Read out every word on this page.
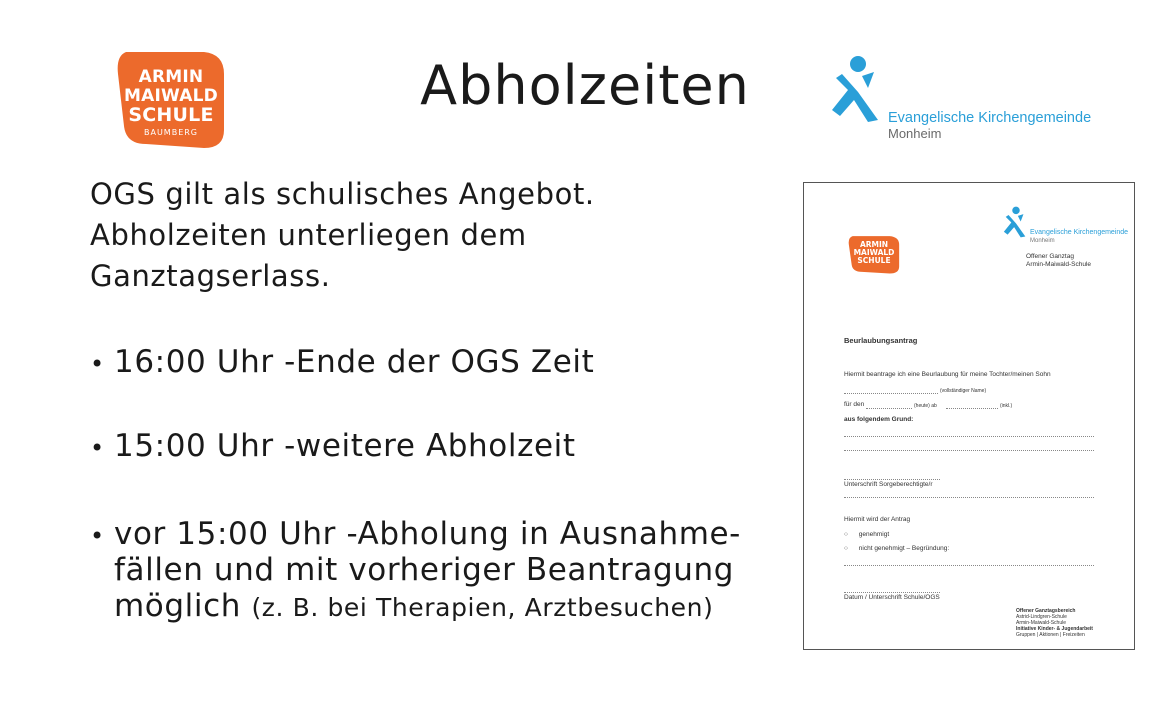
ARMIN
MAIWALD
SCHULE
BAUMBERG
Abholzeiten
Evangelische Kirchengemeinde
Monheim
OGS gilt als schulisches Angebot.
Abholzeiten unterliegen dem
Ganztagserlass.
• 16:00 Uhr -Ende der OGS Zeit
• 15:00 Uhr -weitere Abholzeit
• vor 15:00 Uhr -Abholung in Ausnahme- fällen und mit vorheriger Beantragung möglich (z. B. bei Therapien, Arztbesuchen)
Evangelische Kirchengemeinde
Monheim
ARMIN
MAIWALD
SCHULE	Offener Ganztag
Armin-Maiwald-Schule
Beurlaubungsantrag
Hiermit beantrage ich eine Beurlaubung für meine Tochter/meinen Sohn
(vollständiger Name)
für den	(heute) ab	(inkl.)
aus folgendem Grund:
Unterschrift Sorgeberechtigte/r
Hiermit wird der Antrag
○ genehmigt
○ nicht genehmigt – Begründung:
Datum / Unterschrift Schule/OGS
Offener Ganztagsbereich
Astrid-Lindgren-Schule
Armin-Maiwald-Schule
Initiative Kinder- & Jugendarbeit
Gruppen | Aktionen | Freizeiten
